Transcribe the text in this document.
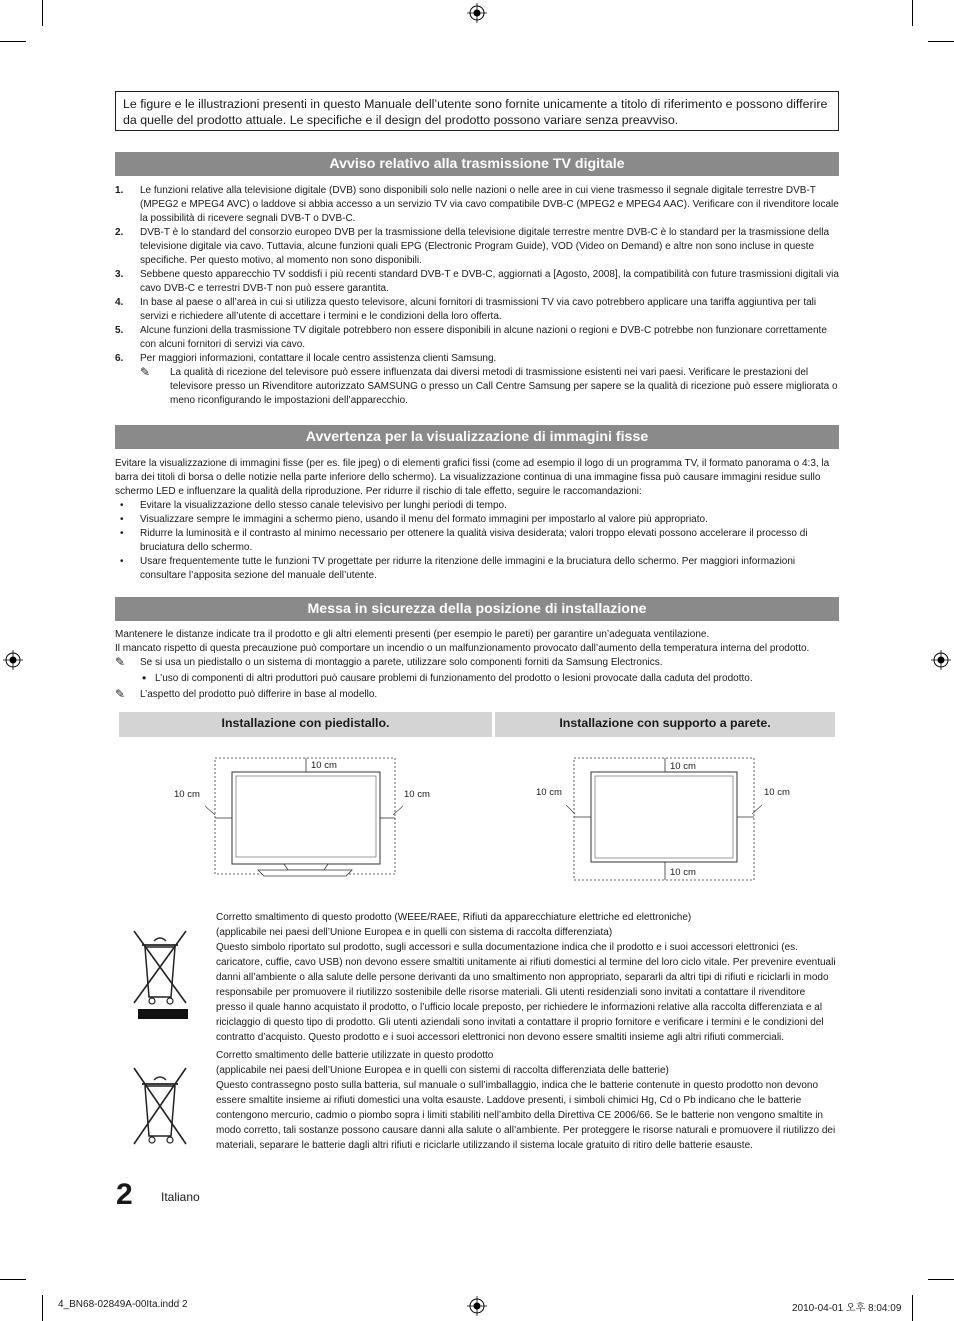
Le figure e le illustrazioni presenti in questo Manuale dell’utente sono fornite unicamente a titolo di riferimento e possono differire da quelle del prodotto attuale. Le specifiche e il design del prodotto possono variare senza preavviso.
Avviso relativo alla trasmissione TV digitale
1. Le funzioni relative alla televisione digitale (DVB) sono disponibili solo nelle nazioni o nelle aree in cui viene trasmesso il segnale digitale terrestre DVB-T (MPEG2 e MPEG4 AVC) o laddove si abbia accesso a un servizio TV via cavo compatibile DVB-C (MPEG2 e MPEG4 AAC). Verificare con il rivenditore locale la possibilità di ricevere segnali DVB-T o DVB-C.
2. DVB-T è lo standard del consorzio europeo DVB per la trasmissione della televisione digitale terrestre mentre DVB-C è lo standard per la trasmissione della televisione digitale via cavo. Tuttavia, alcune funzioni quali EPG (Electronic Program Guide), VOD (Video on Demand) e altre non sono incluse in queste specifiche. Per questo motivo, al momento non sono disponibili.
3. Sebbene questo apparecchio TV soddisfi i più recenti standard DVB-T e DVB-C, aggiornati a [Agosto, 2008], la compatibilità con future trasmissioni digitali via cavo DVB-C e terrestri DVB-T non può essere garantita.
4. In base al paese o all’area in cui si utilizza questo televisore, alcuni fornitori di trasmissioni TV via cavo potrebbero applicare una tariffa aggiuntiva per tali servizi e richiedere all’utente di accettare i termini e le condizioni della loro offerta.
5. Alcune funzioni della trasmissione TV digitale potrebbero non essere disponibili in alcune nazioni o regioni e DVB-C potrebbe non funzionare correttamente con alcuni fornitori di servizi via cavo.
6. Per maggiori informazioni, contattare il locale centro assistenza clienti Samsung.
✎ La qualità di ricezione del televisore può essere influenzata dai diversi metodi di trasmissione esistenti nei vari paesi. Verificare le prestazioni del televisore presso un Rivenditore autorizzato SAMSUNG o presso un Call Centre Samsung per sapere se la qualità di ricezione può essere migliorata o meno riconfigurando le impostazioni dell’apparecchio.
Avvertenza per la visualizzazione di immagini fisse
Evitare la visualizzazione di immagini fisse (per es. file jpeg) o di elementi grafici fissi (come ad esempio il logo di un programma TV, il formato panorama o 4:3, la barra dei titoli di borsa o delle notizie nella parte inferiore dello schermo). La visualizzazione continua di una immagine fissa può causare immagini residue sullo schermo LED e influenzare la qualità della riproduzione. Per ridurre il rischio di tale effetto, seguire le raccomandazioni:
• Evitare la visualizzazione dello stesso canale televisivo per lunghi periodi di tempo.
• Visualizzare sempre le immagini a schermo pieno, usando il menu del formato immagini per impostarlo al valore più appropriato.
• Ridurre la luminosità e il contrasto al minimo necessario per ottenere la qualità visiva desiderata; valori troppo elevati possono accelerare il processo di bruciatura dello schermo.
• Usare frequentemente tutte le funzioni TV progettate per ridurre la ritenzione delle immagini e la bruciatura dello schermo. Per maggiori informazioni consultare l’apposita sezione del manuale dell’utente.
Messa in sicurezza della posizione di installazione
Mantenere le distanze indicate tra il prodotto e gli altri elementi presenti (per esempio le pareti) per garantire un’adeguata ventilazione.
Il mancato rispetto di questa precauzione può comportare un incendio o un malfunzionamento provocato dall’aumento della temperatura interna del prodotto.
✎ Se si usa un piedistallo o un sistema di montaggio a parete, utilizzare solo componenti forniti da Samsung Electronics.
• L’uso di componenti di altri produttori può causare problemi di funzionamento del prodotto o lesioni provocate dalla caduta del prodotto.
✎ L’aspetto del prodotto può differire in base al modello.
Installazione con piedistallo.	Installazione con supporto a parete.
10 cm
10 cm	10 cm
10 cm
10 cm
10 cm	10 cm
Corretto smaltimento di questo prodotto (WEEE/RAEE, Rifiuti da apparecchiature elettriche ed elettroniche)
(applicabile nei paesi dell’Unione Europea e in quelli con sistema di raccolta differenziata)
Questo simbolo riportato sul prodotto, sugli accessori e sulla documentazione indica che il prodotto e i suoi accessori elettronici (es. caricatore, cuffie, cavo USB) non devono essere smaltiti unitamente ai rifiuti domestici al termine del loro ciclo vitale. Per prevenire eventuali danni all’ambiente o alla salute delle persone derivanti da uno smaltimento non appropriato, separarli da altri tipi di rifiuti e riciclarli in modo responsabile per promuovere il riutilizzo sostenibile delle risorse materiali. Gli utenti residenziali sono invitati a contattare il rivenditore presso il quale hanno acquistato il prodotto, o l’ufficio locale preposto, per richiedere le informazioni relative alla raccolta differenziata e al riciclaggio di questo tipo di prodotto. Gli utenti aziendali sono invitati a contattare il proprio fornitore e verificare i termini e le condizioni del contratto d’acquisto. Questo prodotto e i suoi accessori elettronici non devono essere smaltiti insieme agli altri rifiuti commerciali.
Corretto smaltimento delle batterie utilizzate in questo prodotto
(applicabile nei paesi dell’Unione Europea e in quelli con sistemi di raccolta differenziata delle batterie)
Questo contrassegno posto sulla batteria, sul manuale o sull’imballaggio, indica che le batterie contenute in questo prodotto non devono essere smaltite insieme ai rifiuti domestici una volta esauste. Laddove presenti, i simboli chimici Hg, Cd o Pb indicano che le batterie contengono mercurio, cadmio o piombo sopra i limiti stabiliti nell’ambito della Direttiva CE 2006/66. Se le batterie non vengono smaltite in modo corretto, tali sostanze possono causare danni alla salute o all’ambiente. Per proteggere le risorse naturali e promuovere il riutilizzo dei materiali, separare le batterie dagli altri rifiuti e riciclarle utilizzando il sistema locale gratuito di ritiro delle batterie esauste.
2 Italiano
4_BN68-02849A-00Ita.indd 2	2010-04-01 오후 8:04:09
